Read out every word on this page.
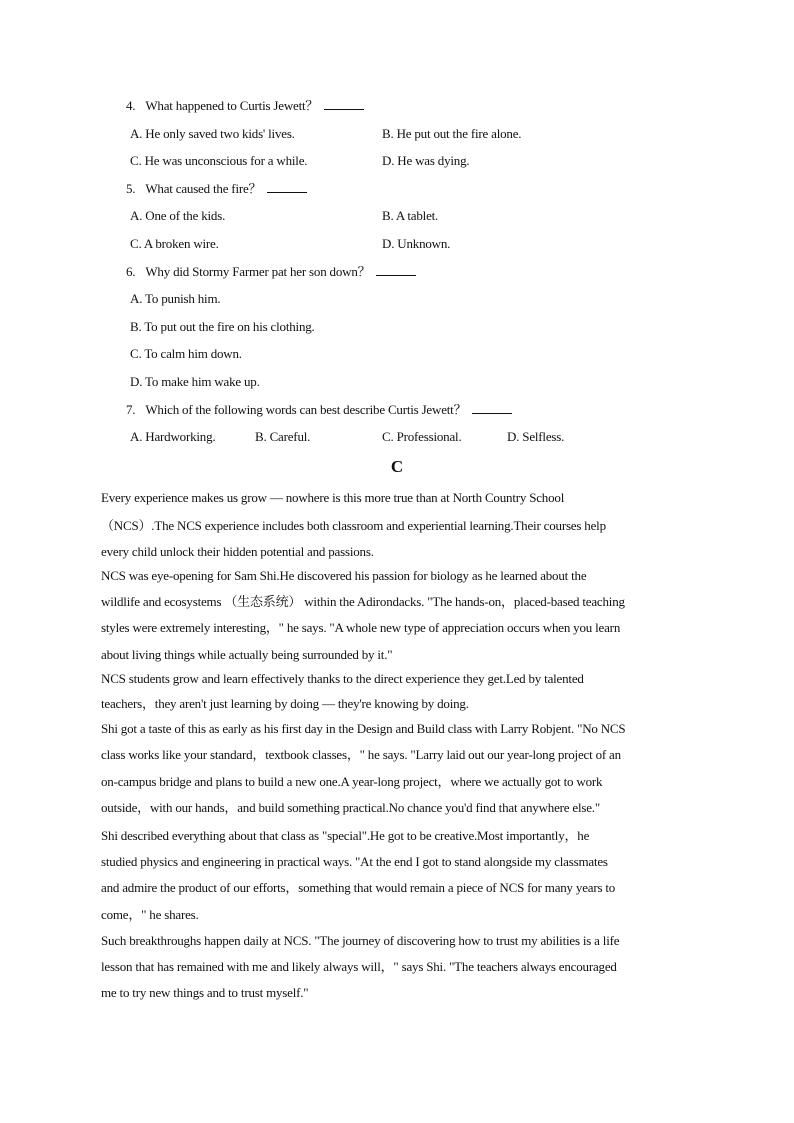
C
4. What happened to Curtis Jewett？
A. He only saved two kids' lives.	B. He put out the fire alone.
C. He was unconscious for a while.	D. He was dying.
5. What caused the fire？
A. One of the kids.	B. A tablet.
C. A broken wire.	D. Unknown.
6. Why did Stormy Farmer pat her son down？
A. To punish him.
B. To put out the fire on his clothing.
C. To calm him down.
D. To make him wake up.
7. Which of the following words can best describe Curtis Jewett？
A. Hardworking.	B. Careful.	C. Professional.	D. Selfless.
Every experience makes us grow — nowhere is this more true than at North Country School
（NCS）.The NCS experience includes both classroom and experiential learning.Their courses help
every child unlock their hidden potential and passions.
NCS was eye-opening for Sam Shi.He discovered his passion for biology as he learned about the
wildlife and ecosystems （生态系统） within the Adirondacks. "The hands-on，placed-based teaching
styles were extremely interesting，" he says. "A whole new type of appreciation occurs when you learn
about living things while actually being surrounded by it."
NCS students grow and learn effectively thanks to the direct experience they get.Led by talented
teachers，they aren't just learning by doing — they're knowing by doing.
Shi got a taste of this as early as his first day in the Design and Build class with Larry Robjent. "No NCS
class works like your standard，textbook classes，" he says. "Larry laid out our year-long project of an
on-campus bridge and plans to build a new one.A year-long project，where we actually got to work
outside，with our hands，and build something practical.No chance you'd find that anywhere else."
Shi described everything about that class as "special".He got to be creative.Most importantly，he
studied physics and engineering in practical ways. "At the end I got to stand alongside my classmates
and admire the product of our efforts，something that would remain a piece of NCS for many years to
come，" he shares.
Such breakthroughs happen daily at NCS. "The journey of discovering how to trust my abilities is a life
lesson that has remained with me and likely always will，" says Shi. "The teachers always encouraged
me to try new things and to trust myself."
